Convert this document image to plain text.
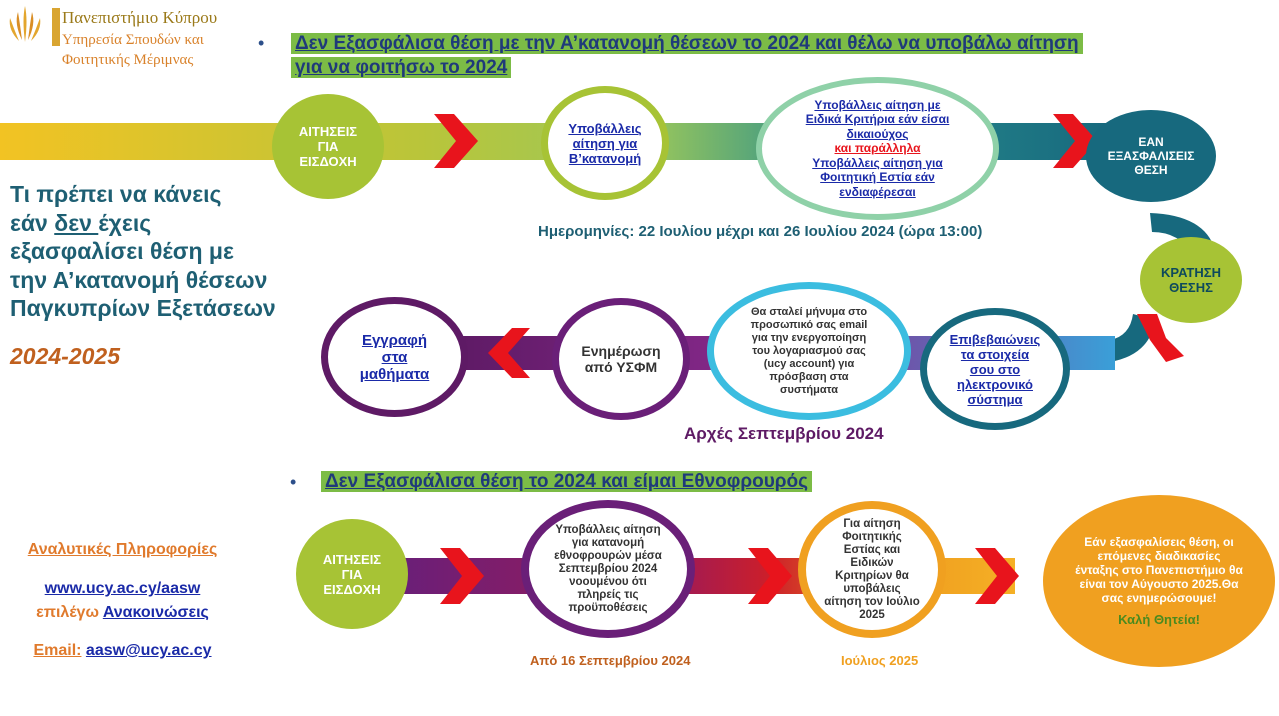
Πανεπιστήμιο Κύπρου
Υπηρεσία Σπουδών και
Φοιτητικής Μέριμνας
• Δεν Εξασφάλισα θέση με την Α’κατανομή θέσεων το 2024 και θέλω να υποβάλω αίτηση
για να φοιτήσω το 2024
Τι πρέπει να κάνεις
εάν δεν έχεις
εξασφαλίσει θέση με
την Α’κατανομή θέσεων
Παγκυπρίων Εξετάσεων
2024-2025
ΑΙΤΗΣΕΙΣ ΓΙΑ ΕΙΣΔΟΧΗ
Υποβάλλεις αίτηση για Β’κατανομή
Υποβάλλεις αίτηση με Ειδικά Κριτήρια εάν είσαι δικαιούχος
και παράλληλα
Υποβάλλεις αίτηση για Φοιτητική Εστία εάν ενδιαφέρεσαι
ΕΑΝ ΕΞΑΣΦΑΛΙΣΕΙΣ ΘΕΣΗ
Ημερομηνίες: 22 Ιουλίου μέχρι και 26 Ιουλίου 2024 (ώρα 13:00)
ΚΡΑΤΗΣΗ ΘΕΣΗΣ
Επιβεβαιώνεις τα στοιχεία σου στο ηλεκτρονικό σύστημα
Θα σταλεί μήνυμα στο προσωπικό σας email για την ενεργοποίηση του λογαριασμού σας (ucy account) για πρόσβαση στα συστήματα
Ενημέρωση από ΥΣΦΜ
Εγγραφή στα μαθήματα
Αρχές Σεπτεμβρίου 2024
• Δεν Εξασφάλισα θέση το 2024 και είμαι Εθνοφρουρός
ΑΙΤΗΣΕΙΣ ΓΙΑ ΕΙΣΔΟΧΗ
Υποβάλλεις αίτηση για κατανομή εθνοφρουρών μέσα Σεπτεμβρίου 2024 νοουμένου ότι πληρείς τις προϋποθέσεις
Για αίτηση Φοιτητικής Εστίας και Ειδικών Κριτηρίων θα υποβάλεις αίτηση τον Ιούλιο 2025
Εάν εξασφαλίσεις θέση, οι επόμενες διαδικασίες ένταξης στο Πανεπιστήμιο θα είναι τον Αύγουστο 2025.Θα σας ενημερώσουμε!
Καλή Θητεία!
Από 16 Σεπτεμβρίου 2024	Ιούλιος 2025
Αναλυτικές Πληροφορίες
www.ucy.ac.cy/aasw
επιλέγω Ανακοινώσεις
Email: aasw@ucy.ac.cy
